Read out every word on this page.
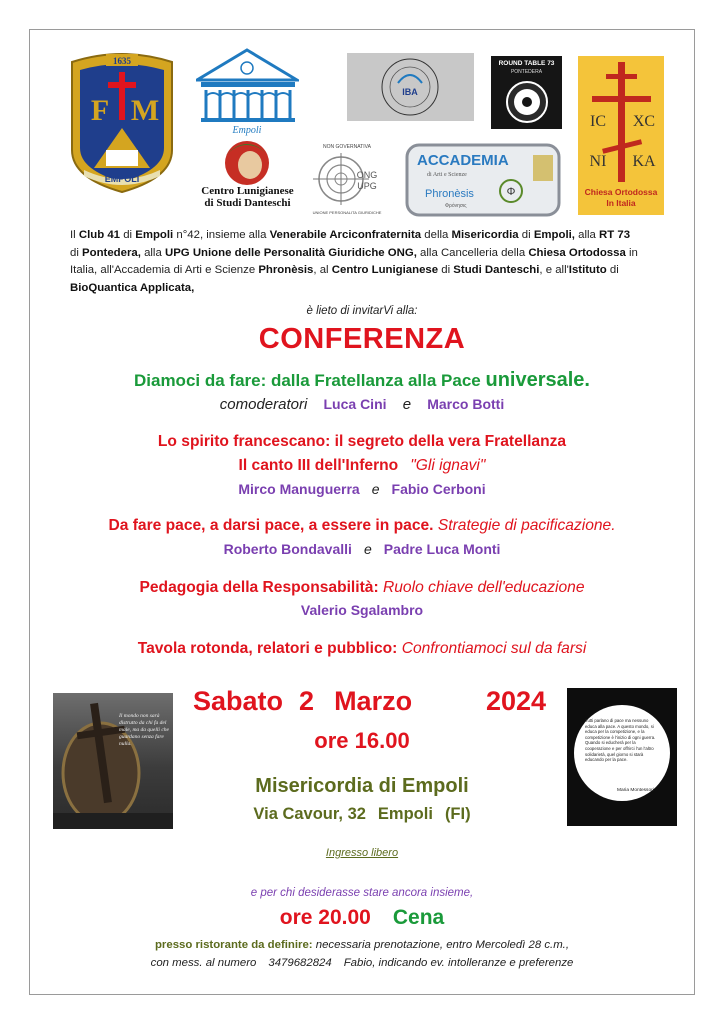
1635
F M
EMPOLI
Empoli
IBA
ROUND TABLE 73
PONTEDERA
IC XC
NI KA
Chiesa Ortodossa
In Italia
Centro Lunigianese
di Studi Danteschi
NON GOVERNATIVA
ONG
UPG
UNIONE PERSONALITA GIURIDICHE
ACCADEMIA
di Arti e Scienze
Phronèsis
Φρόνησις
Φ
Il Club 41 di Empoli n°42, insieme alla Venerabile Arciconfraternita della Misericordia di Empoli, alla RT 73
di Pontedera, alla UPG Unione delle Personalità Giuridiche ONG, alla Cancelleria della Chiesa Ortodossa in
Italia, all'Accademia di Arti e Scienze Phronèsis, al Centro Lunigianese di Studi Danteschi, e all'Istituto di
BioQuantica Applicata,
è lieto di invitarVi alla:
CONFERENZA
Diamoci da fare: dalla Fratellanza alla Pace universale.
comoderatori Luca Cini e Marco Botti
Lo spirito francescano: il segreto della vera Fratellanza
Il canto III dell'Inferno "Gli ignavi"
Mirco Manuguerra e Fabio Cerboni
Da fare pace, a darsi pace, a essere in pace. Strategie di pacificazione.
Roberto Bondavalli e Padre Luca Monti
Pedagogia della Responsabilità: Ruolo chiave dell'educazione
Valerio Sgalambro
Tavola rotonda, relatori e pubblico: Confrontiamoci sul da farsi
Sabato 2 Marzo	2024
ore 16.00
Misericordia di Empoli
Via Cavour, 32 Empoli (FI)
Il mondo non sarà distrutto da chi fa del male, ma da quelli che guardano senza fare nulla.
Tutti parlano di pace ma nessuno educa alla pace. A questo mondo, si educa per la competizione, e la competizione è l'inizio di ogni guerra. Quando si educherà per la cooperazione e per offrirci l'un l'altro solidarietà, quel giorno si starà educando per la pace.
Maria Montessori
Ingresso libero
e per chi desiderasse stare ancora insieme,
ore 20.00 Cena
presso ristorante da definire: necessaria prenotazione, entro Mercoledì 28 c.m.,
con mess. al numero 3479682824 Fabio, indicando ev. intolleranze e preferenze
